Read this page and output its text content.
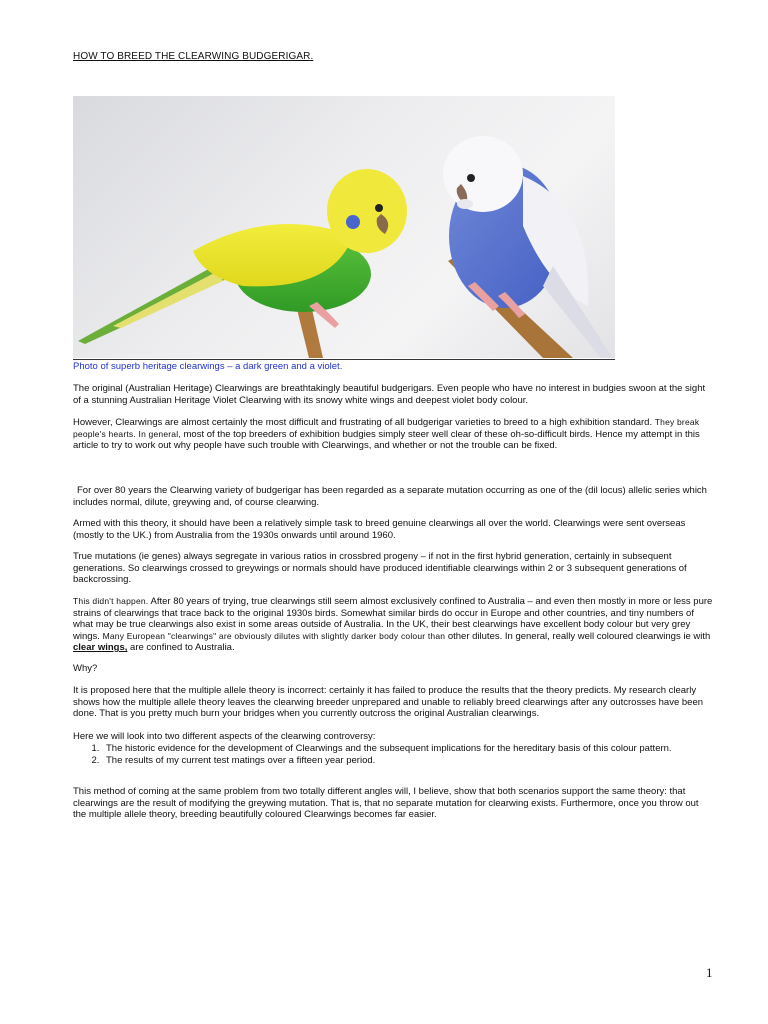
HOW TO BREED THE CLEARWING BUDGERIGAR.
Photo of superb heritage clearwings – a dark green and a violet.

The original (Australian Heritage) Clearwings are breathtakingly beautiful budgerigars. Even people who have no interest in budgies swoon at the sight of a stunning Australian Heritage Violet Clearwing with its snowy white wings and deepest violet body colour.

However, Clearwings are almost certainly the most difficult and frustrating of all budgerigar varieties to breed to a high exhibition standard. They break people's hearts. In general, most of the top breeders of exhibition budgies simply steer well clear of these oh-so-difficult birds. Hence my attempt in this article to try to work out why people have such trouble with Clearwings, and whether or not the trouble can be fixed.

For over 80 years the Clearwing variety of budgerigar has been regarded as a separate mutation occurring as one of the (dil locus) allelic series which includes normal, dilute, greywing and, of course clearwing.

Armed with this theory, it should have been a relatively simple task to breed genuine clearwings all over the world. Clearwings were sent overseas (mostly to the UK.) from Australia from the 1930s onwards until around 1960.

True mutations (ie genes) always segregate in various ratios in crossbred progeny – if not in the first hybrid generation, certainly in subsequent generations. So clearwings crossed to greywings or normals should have produced identifiable clearwings within 2 or 3 subsequent generations of backcrossing.

This didn't happen. After 80 years of trying, true clearwings still seem almost exclusively confined to Australia – and even then mostly in more or less pure strains of clearwings that trace back to the original 1930s birds. Somewhat similar birds do occur in Europe and other countries, and tiny numbers of what may be true clearwings also exist in some areas outside of Australia. In the UK, their best clearwings have excellent body colour but very grey wings. Many European "clearwings" are obviously dilutes with slightly darker body colour than other dilutes. In general, really well coloured clearwings ie with clear wings, are confined to Australia.

Why?

It is proposed here that the multiple allele theory is incorrect: certainly it has failed to produce the results that the theory predicts. My research clearly shows how the multiple allele theory leaves the clearwing breeder unprepared and unable to reliably breed clearwings after any outcrosses have been done. That is you pretty much burn your bridges when you currently outcross the original Australian clearwings.

Here we will look into two different aspects of the clearwing controversy:

1. The historic evidence for the development of Clearwings and the subsequent implications for the hereditary basis of this colour pattern.
2. The results of my current test matings over a fifteen year period.

This method of coming at the same problem from two totally different angles will, I believe, show that both scenarios support the same theory: that clearwings are the result of modifying the greywing mutation. That is, that no separate mutation for clearwing exists. Furthermore, once you throw out the multiple allele theory, breeding beautifully coloured Clearwings becomes far easier.

1
